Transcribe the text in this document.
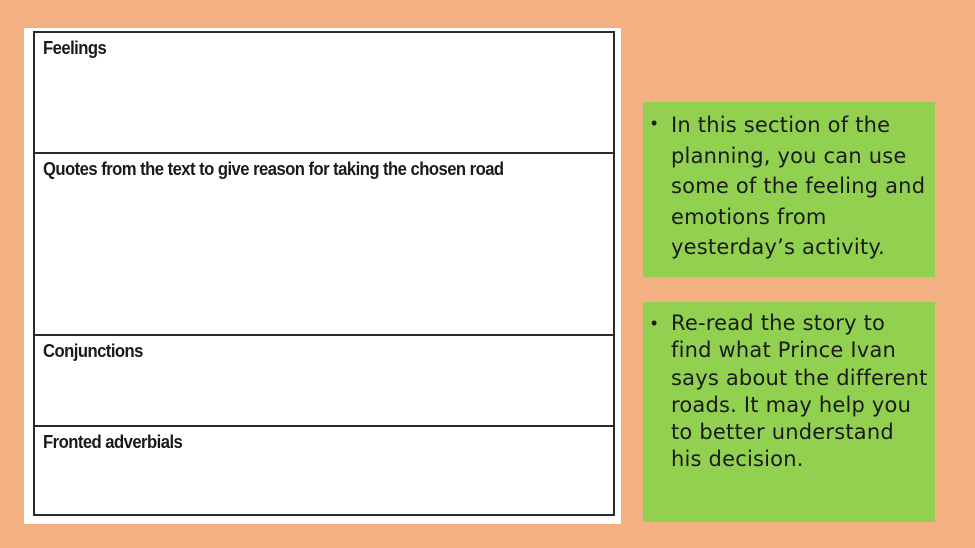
Feelings
Quotes from the text to give reason for taking the chosen road
Conjunctions
Fronted adverbials
• In this section of the planning, you can use some of the feeling and emotions from yesterday’s activity.
• Re-read the story to find what Prince Ivan says about the different roads. It may help you to better understand his decision.
